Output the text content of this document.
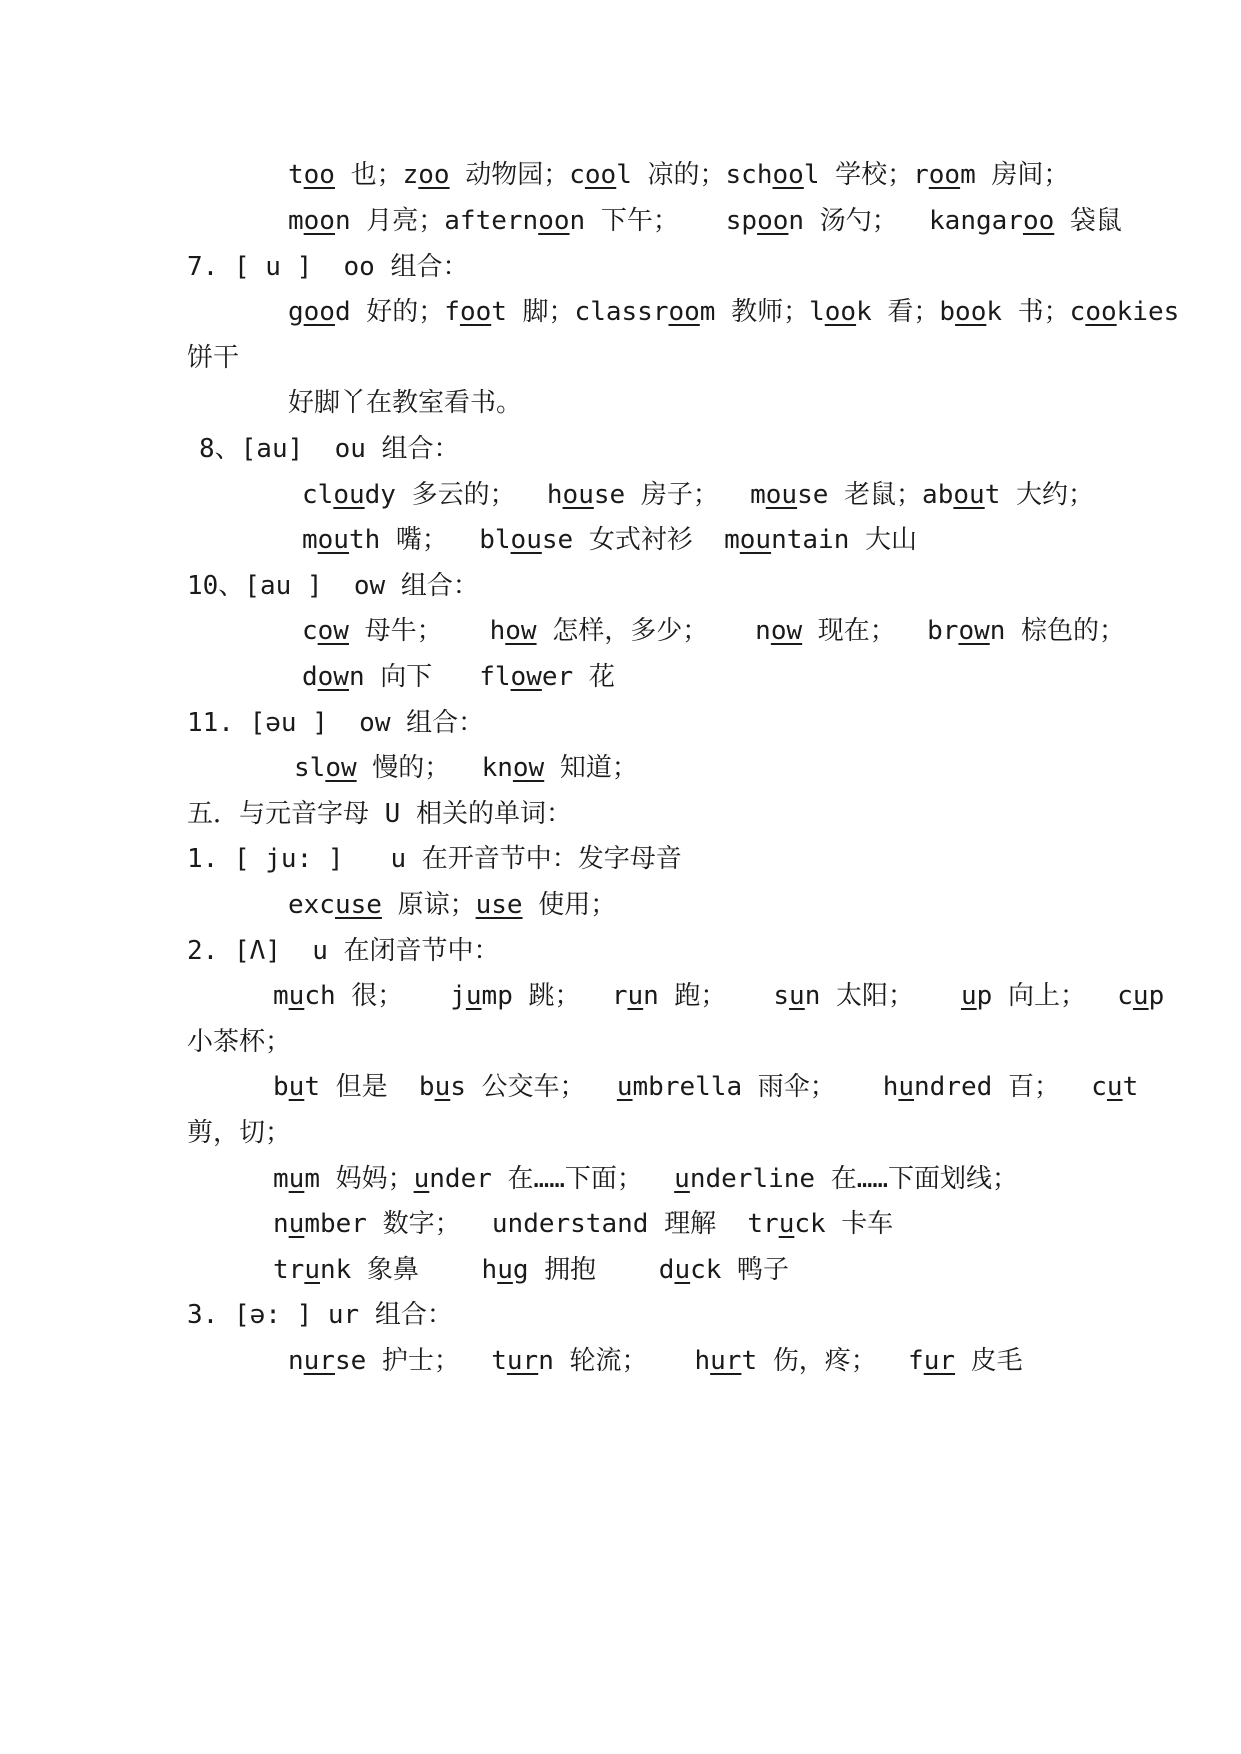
too 也；zoo 动物园；cool 凉的；school 学校；room 房间；
moon 月亮；afternoon 下午；   spoon 汤勺；  kangaroo 袋鼠
7. [ u ]  oo 组合：
good 好的；foot 脚；classroom 教师；look 看；book 书；cookies
饼干
好脚丫在教室看书。
8、[au]  ou 组合：
cloudy 多云的；  house 房子；  mouse 老鼠；about 大约；
mouth 嘴；  blouse 女式衬衫  mountain 大山
10、[au ]  ow 组合：
cow 母牛；   how 怎样，多少；   now 现在；  brown 棕色的；
down 向下   flower 花
11. [əu ]  ow 组合：
slow 慢的；  know 知道；
五．与元音字母 U 相关的单词：
1. [ ju: ]   u 在开音节中：发字母音
excuse 原谅；use 使用；
2. [Λ]  u 在闭音节中：
much 很；   jump 跳；  run 跑；   sun 太阳；   up 向上；  cup
小茶杯；
but 但是  bus 公交车；  umbrella 雨伞；   hundred 百；  cut
剪，切；
mum 妈妈；under 在……下面；  underline 在……下面划线；
number 数字；  understand 理解  truck 卡车
trunk 象鼻    hug 拥抱    duck 鸭子
3. [ə: ] ur 组合：
nurse 护士；  turn 轮流；   hurt 伤，疼；  fur 皮毛
